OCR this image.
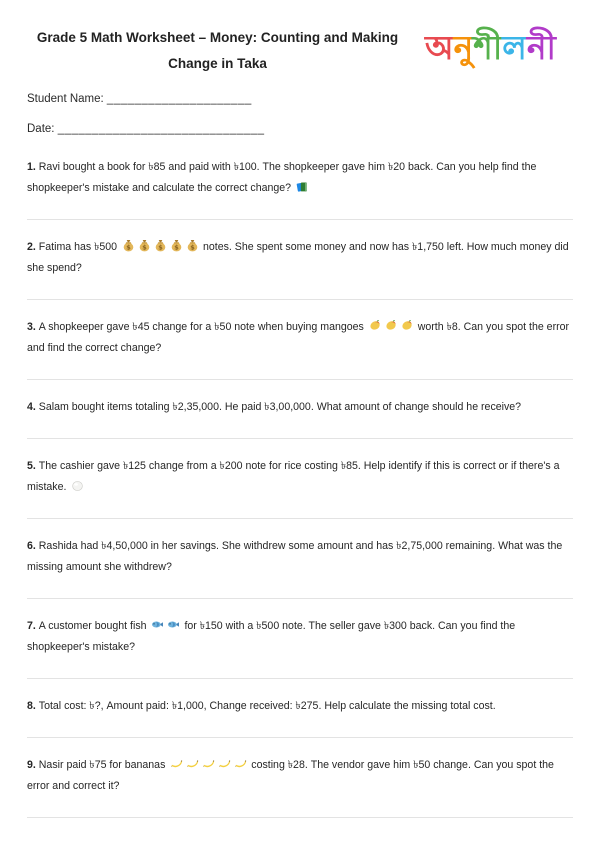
Grade 5 Math Worksheet – Money: Counting and Making
Change in Taka	অনুশীলনী
Student Name: _____________________
Date: ______________________________
1. Ravi bought a book for ৳85 and paid with ৳100. The shopkeeper gave him ৳20 back. Can you help find the shopkeeper's mistake and calculate the correct change?
2. Fatima has ৳500 $ $ $ $ $ notes. She spent some money and now has ৳1,750 left. How much money did she spend?
3. A shopkeeper gave ৳45 change for a ৳50 note when buying mangoes	worth ৳8. Can you spot the error and find the correct change?
4. Salam bought items totaling ৳2,35,000. He paid ৳3,00,000. What amount of change should he receive?
5. The cashier gave ৳125 change from a ৳200 note for rice costing ৳85. Help identify if this is correct or if there's a mistake.
6. Rashida had ৳4,50,000 in her savings. She withdrew some amount and has ৳2,75,000 remaining. What was the missing amount she withdrew?
7. A customer bought fish	for ৳150 with a ৳500 note. The seller gave ৳300 back. Can you find the shopkeeper's mistake?
8. Total cost: ৳?, Amount paid: ৳1,000, Change received: ৳275. Help calculate the missing total cost.
9. Nasir paid ৳75 for bananas	costing ৳28. The vendor gave him ৳50 change. Can you spot the error and correct it?
